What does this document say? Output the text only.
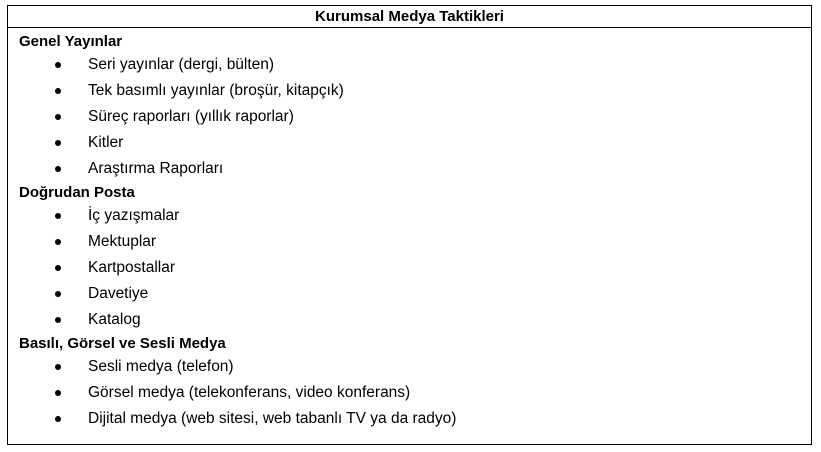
Kurumsal Medya Taktikleri

Genel Yayınlar

Seri yayınlar (dergi, bülten)
Tek basımlı yayınlar (broşür, kitapçık)
Süreç raporları (yıllık raporlar)
Kitler
Araştırma Raporları

Doğrudan Posta

İç yazışmalar
Mektuplar
Kartpostallar
Davetiye
Katalog

Basılı, Görsel ve Sesli Medya

Sesli medya (telefon)
Görsel medya (telekonferans, video konferans)
Dijital medya (web sitesi, web tabanlı TV ya da radyo)
